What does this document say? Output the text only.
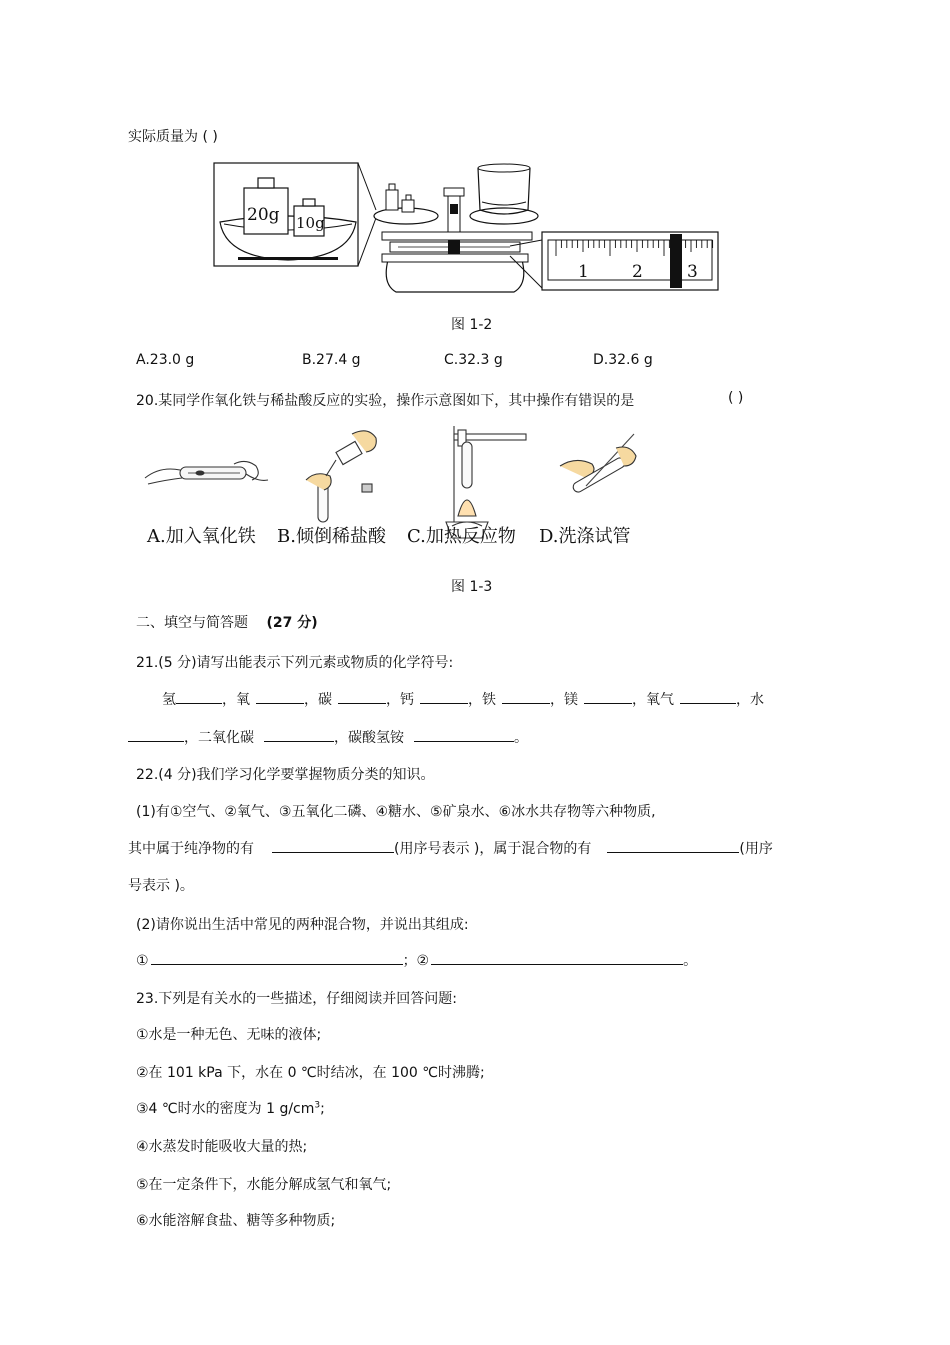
实际质量为 ( )
20g 10g
1	2	3
图 1-2
A.23.0 g	B.27.4 g	C.32.3 g	D.32.6 g
20.某同学作氧化铁与稀盐酸反应的实验，操作示意图如下，其中操作有错误的是	( )
A.加入氧化铁 B.倾倒稀盐酸 C.加热反应物 D.洗涤试管
图 1-3
二、填空与简答题 (27 分)
21.(5 分)请写出能表示下列元素或物质的化学符号:
氢	，氧	，碳	，钙	，铁	，镁	，氧气	，水
，二氧化碳	，碳酸氢铵	。
22.(4 分)我们学习化学要掌握物质分类的知识。
(1)有①空气、②氧气、③五氧化二磷、④糖水、⑤矿泉水、⑥冰水共存物等六种物质,
其中属于纯净物的有	(用序号表示 )，属于混合物的有	(用序
号表示 )。
(2)请你说出生活中常见的两种混合物，并说出其组成:
①	；②	。
23.下列是有关水的一些描述，仔细阅读并回答问题:
①水是一种无色、无味的液体;
②在 101 kPa 下，水在 0 ℃时结冰，在 100 ℃时沸腾;
③4 ℃时水的密度为 1 $g/cm^3$;
④水蒸发时能吸收大量的热;
⑤在一定条件下，水能分解成氢气和氧气;
⑥水能溶解食盐、糖等多种物质;
